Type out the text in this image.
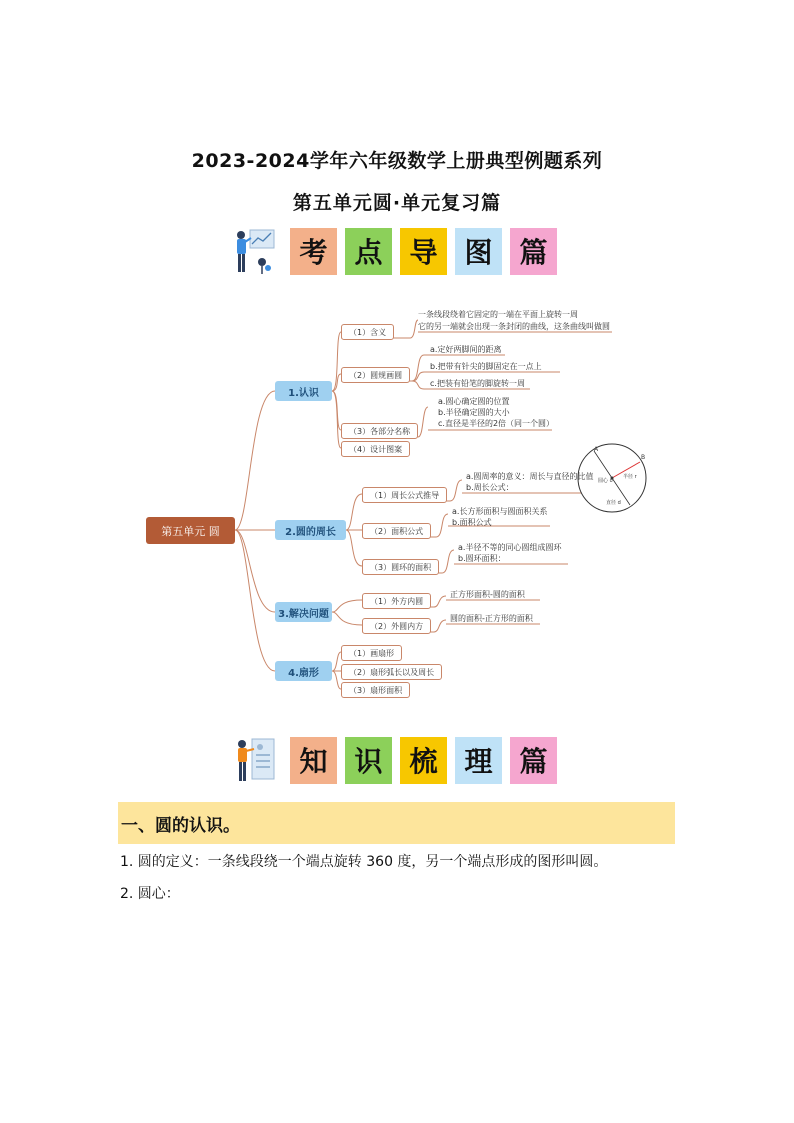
2023-2024学年六年级数学上册典型例题系列
第五单元圆·单元复习篇
考 点 导 图 篇
A
B
圆心 o
半径 r
直径 d
第五单元 圆
1.认识
2.圆的周长
3.解决问题
4.扇形
（1）含义
（2）圆规画圆
（3）各部分名称
（4）设计图案
一条线段绕着它固定的一端在平面上旋转一周
它的另一端就会出现一条封闭的曲线，这条曲线叫做圆
a.定好两脚间的距离
b.把带有针尖的脚固定在一点上
c.把装有铅笔的脚旋转一周
a.圆心确定圆的位置
b.半径确定圆的大小
c.直径是半径的2倍（同一个圆）
（1）周长公式推导
（2）面积公式
（3）圆环的面积
a.圆周率的意义：周长与直径的比值
b.周长公式：
a.长方形面积与圆面积关系
b.面积公式
a.半径不等的同心圆组成圆环
b.圆环面积：
（1）外方内圆
（2）外圆内方
正方形面积-圆的面积
圆的面积-正方形的面积
（1）画扇形
（2）扇形弧长以及周长
（3）扇形面积
知 识 梳 理 篇
一、圆的认识。
1. 圆的定义：一条线段绕一个端点旋转 360 度，另一个端点形成的图形叫圆。
2. 圆心：
